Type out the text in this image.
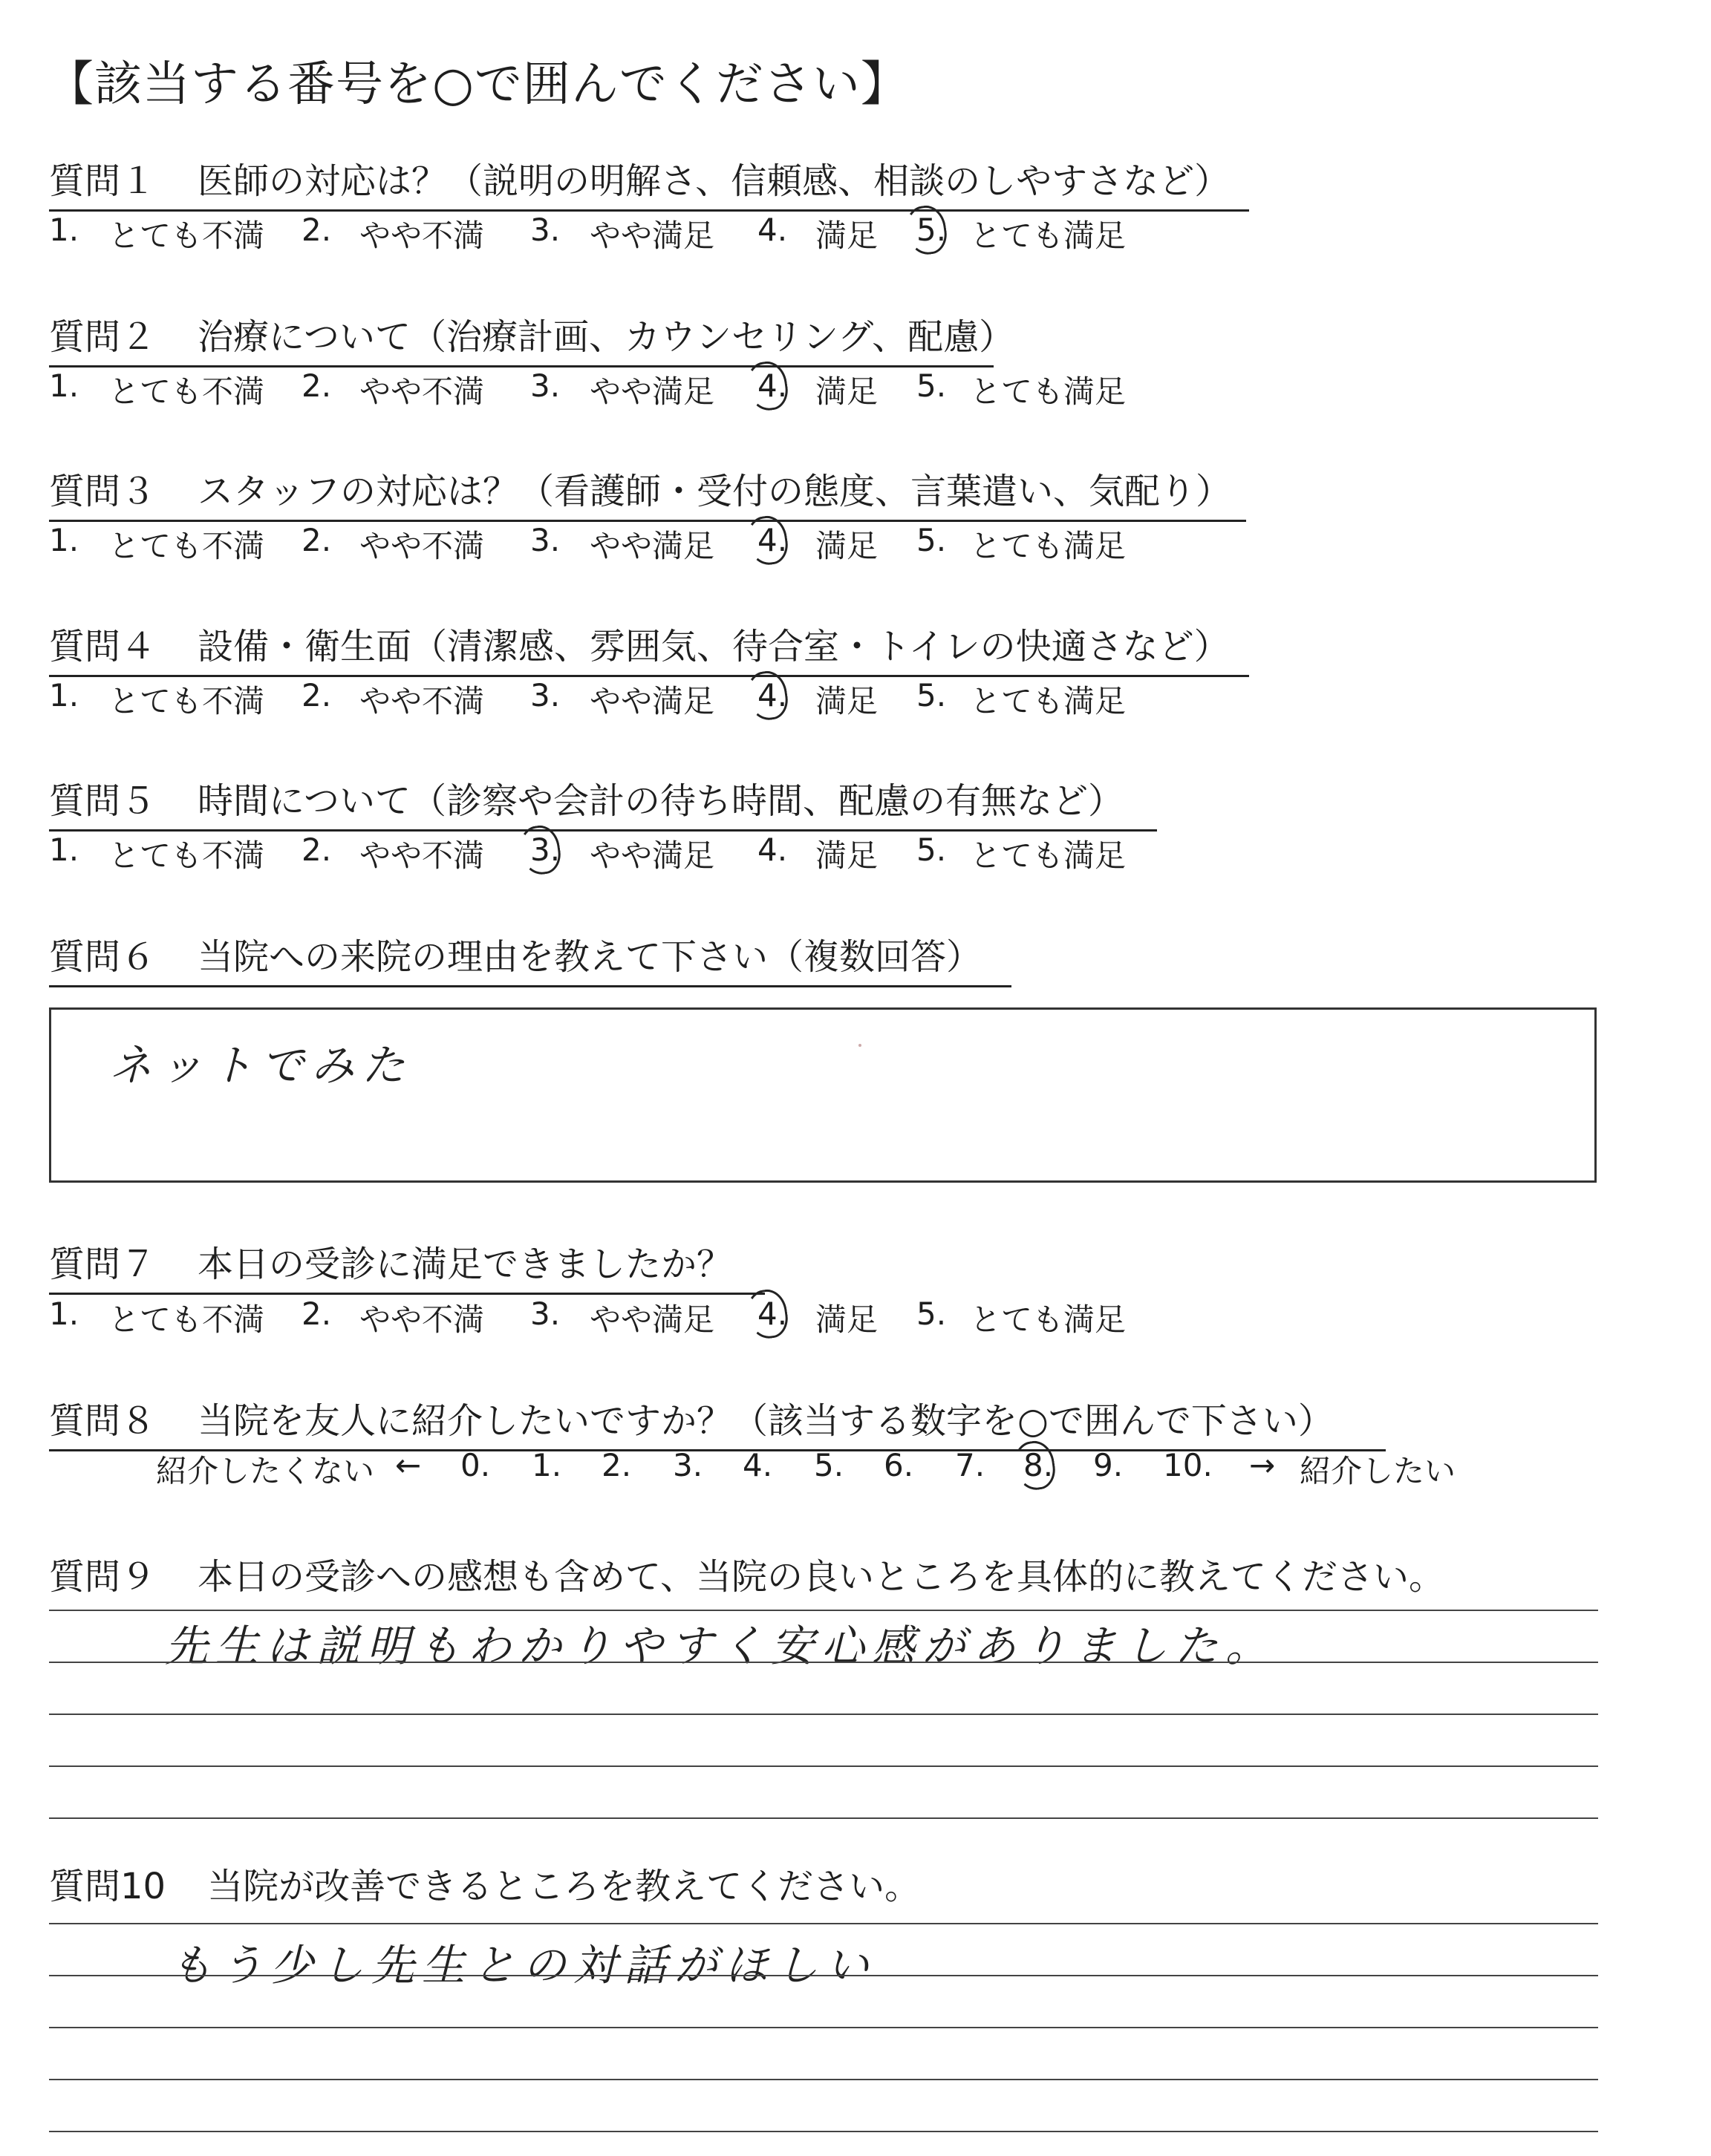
【該当する番号を○で囲んでください】
質問１ 医師の対応は？（説明の明解さ、信頼感、相談のしやすさなど）
1. とても不満 2. やや不満 3. やや満足 4. 満足 5. とても満足
質問２ 治療について（治療計画、カウンセリング、配慮）
1. とても不満 2. やや不満 3. やや満足 4. 満足 5. とても満足
質問３ スタッフの対応は？（看護師・受付の態度、言葉遣い、気配り）
1. とても不満 2. やや不満 3. やや満足 4. 満足 5. とても満足
質問４ 設備・衛生面（清潔感、雰囲気、待合室・トイレの快適さなど）
1. とても不満 2. やや不満 3. やや満足 4. 満足 5. とても満足
質問５ 時間について（診察や会計の待ち時間、配慮の有無など）
1. とても不満 2. やや不満 3. やや満足 4. 満足 5. とても満足
質問６ 当院への来院の理由を教えて下さい（複数回答）
ネットでみた
質問７ 本日の受診に満足できましたか？
1. とても不満 2. やや不満 3. やや満足 4. 満足 5. とても満足
質問８ 当院を友人に紹介したいですか？（該当する数字を○で囲んで下さい）
紹介したくない ← 0. 1. 2. 3. 4. 5. 6. 7. 8. 9. 10. → 紹介したい
質問９ 本日の受診への感想も含めて、当院の良いところを具体的に教えてください。
先生は説明もわかりやすく安心感がありました。
質問10 当院が改善できるところを教えてください。
もう少し先生との対話がほしい
